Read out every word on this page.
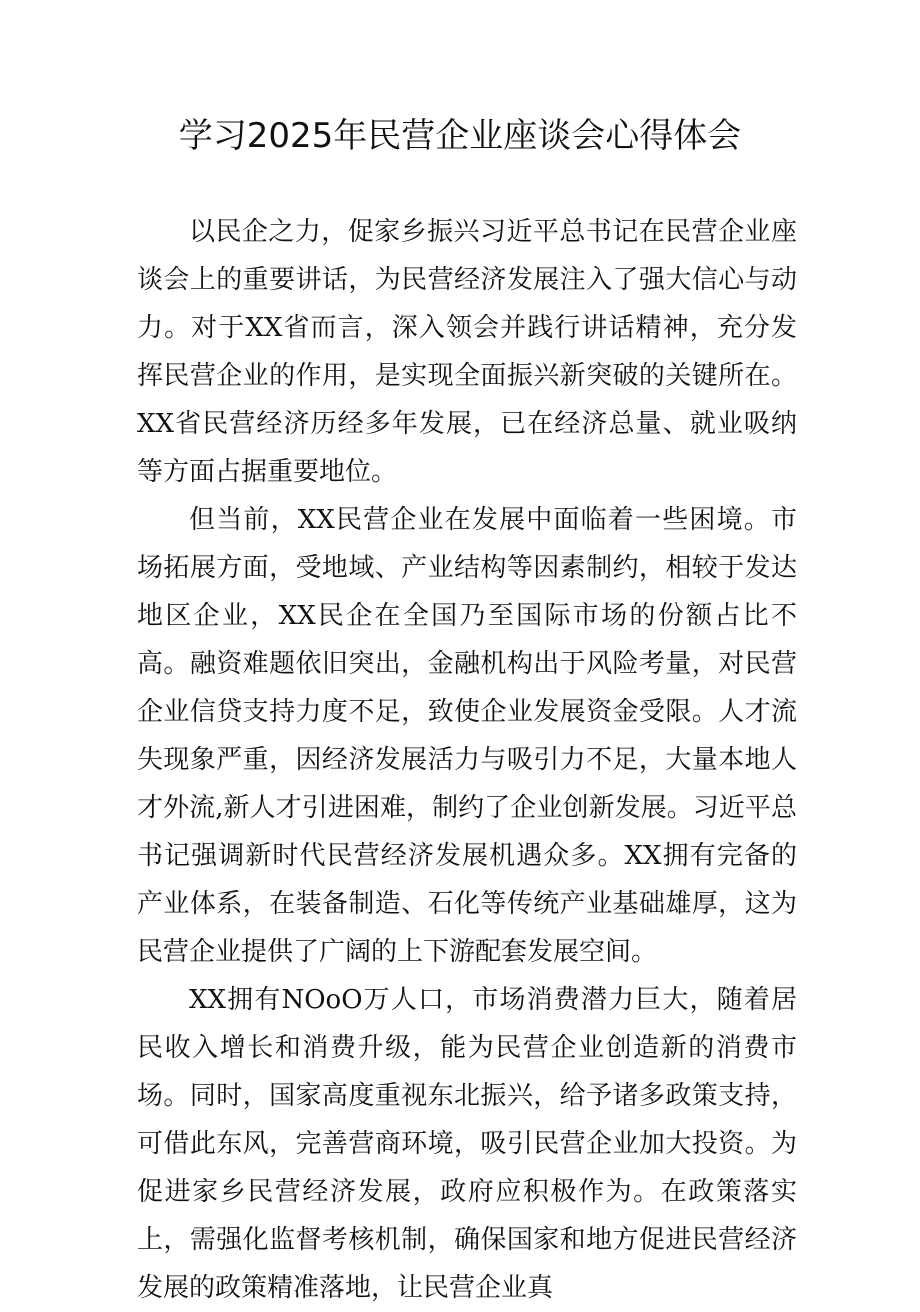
学习2025年民营企业座谈会心得体会

以民企之力，促家乡振兴习近平总书记在民营企业座谈会上的重要讲话，为民营经济发展注入了强大信心与动力。对于XX省而言，深入领会并践行讲话精神，充分发挥民营企业的作用，是实现全面振兴新突破的关键所在。XX省民营经济历经多年发展，已在经济总量、就业吸纳等方面占据重要地位。

但当前，XX民营企业在发展中面临着一些困境。市场拓展方面，受地域、产业结构等因素制约，相较于发达地区企业，XX民企在全国乃至国际市场的份额占比不高。融资难题依旧突出，金融机构出于风险考量，对民营企业信贷支持力度不足，致使企业发展资金受限。人才流失现象严重，因经济发展活力与吸引力不足，大量本地人才外流,新人才引进困难，制约了企业创新发展。习近平总书记强调新时代民营经济发展机遇众多。XX拥有完备的产业体系，在装备制造、石化等传统产业基础雄厚，这为民营企业提供了广阔的上下游配套发展空间。

XX拥有NOoO万人口，市场消费潜力巨大，随着居民收入增长和消费升级，能为民营企业创造新的消费市场。同时，国家高度重视东北振兴，给予诸多政策支持，可借此东风，完善营商环境，吸引民营企业加大投资。为促进家乡民营经济发展，政府应积极作为。在政策落实上，需强化监督考核机制，确保国家和地方促进民营经济发展的政策精准落地，让民营企业真
